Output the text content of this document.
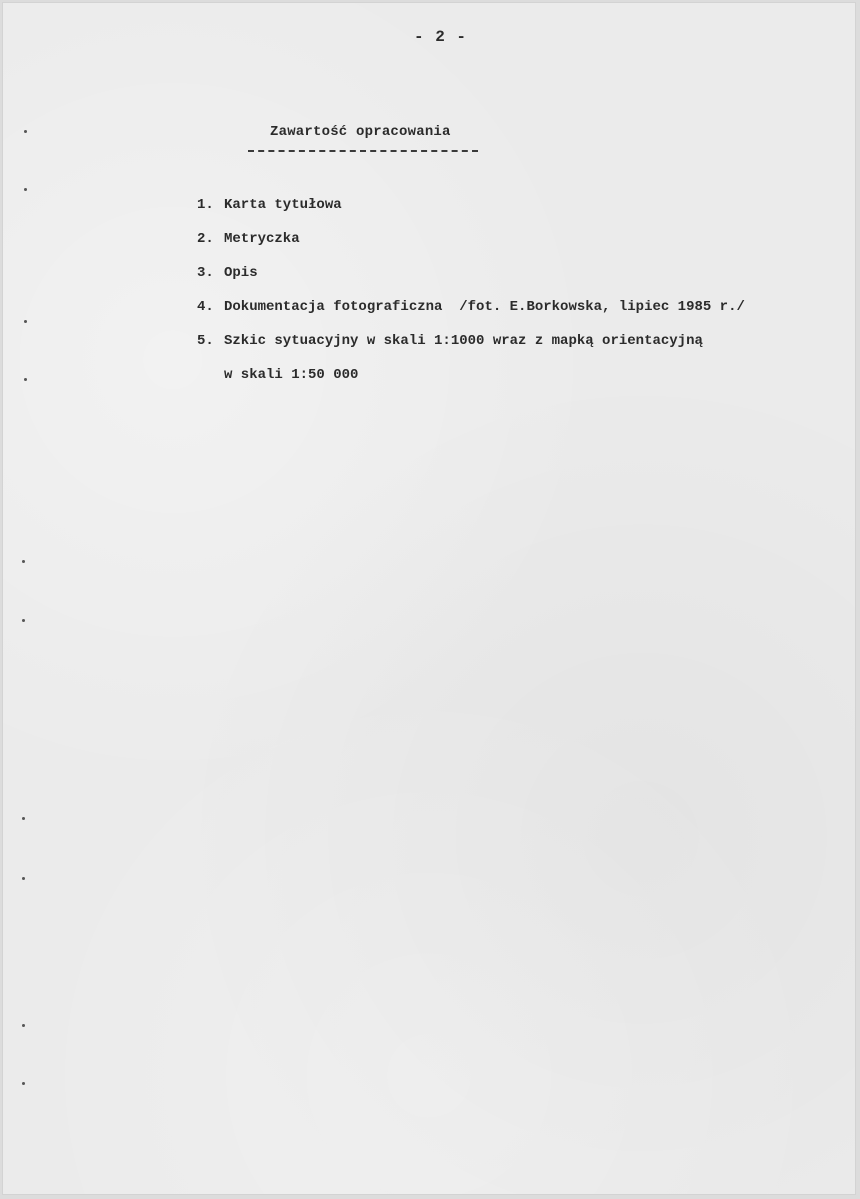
- 2 -
Zawartość opracowania
1. Karta tytułowa
2. Metryczka
3. Opis
4. Dokumentacja fotograficzna  /fot. E.Borkowska, lipiec 1985 r./
5. Szkic sytuacyjny w skali 1:1000 wraz z mapką orientacyjną
w skali 1:50 000
